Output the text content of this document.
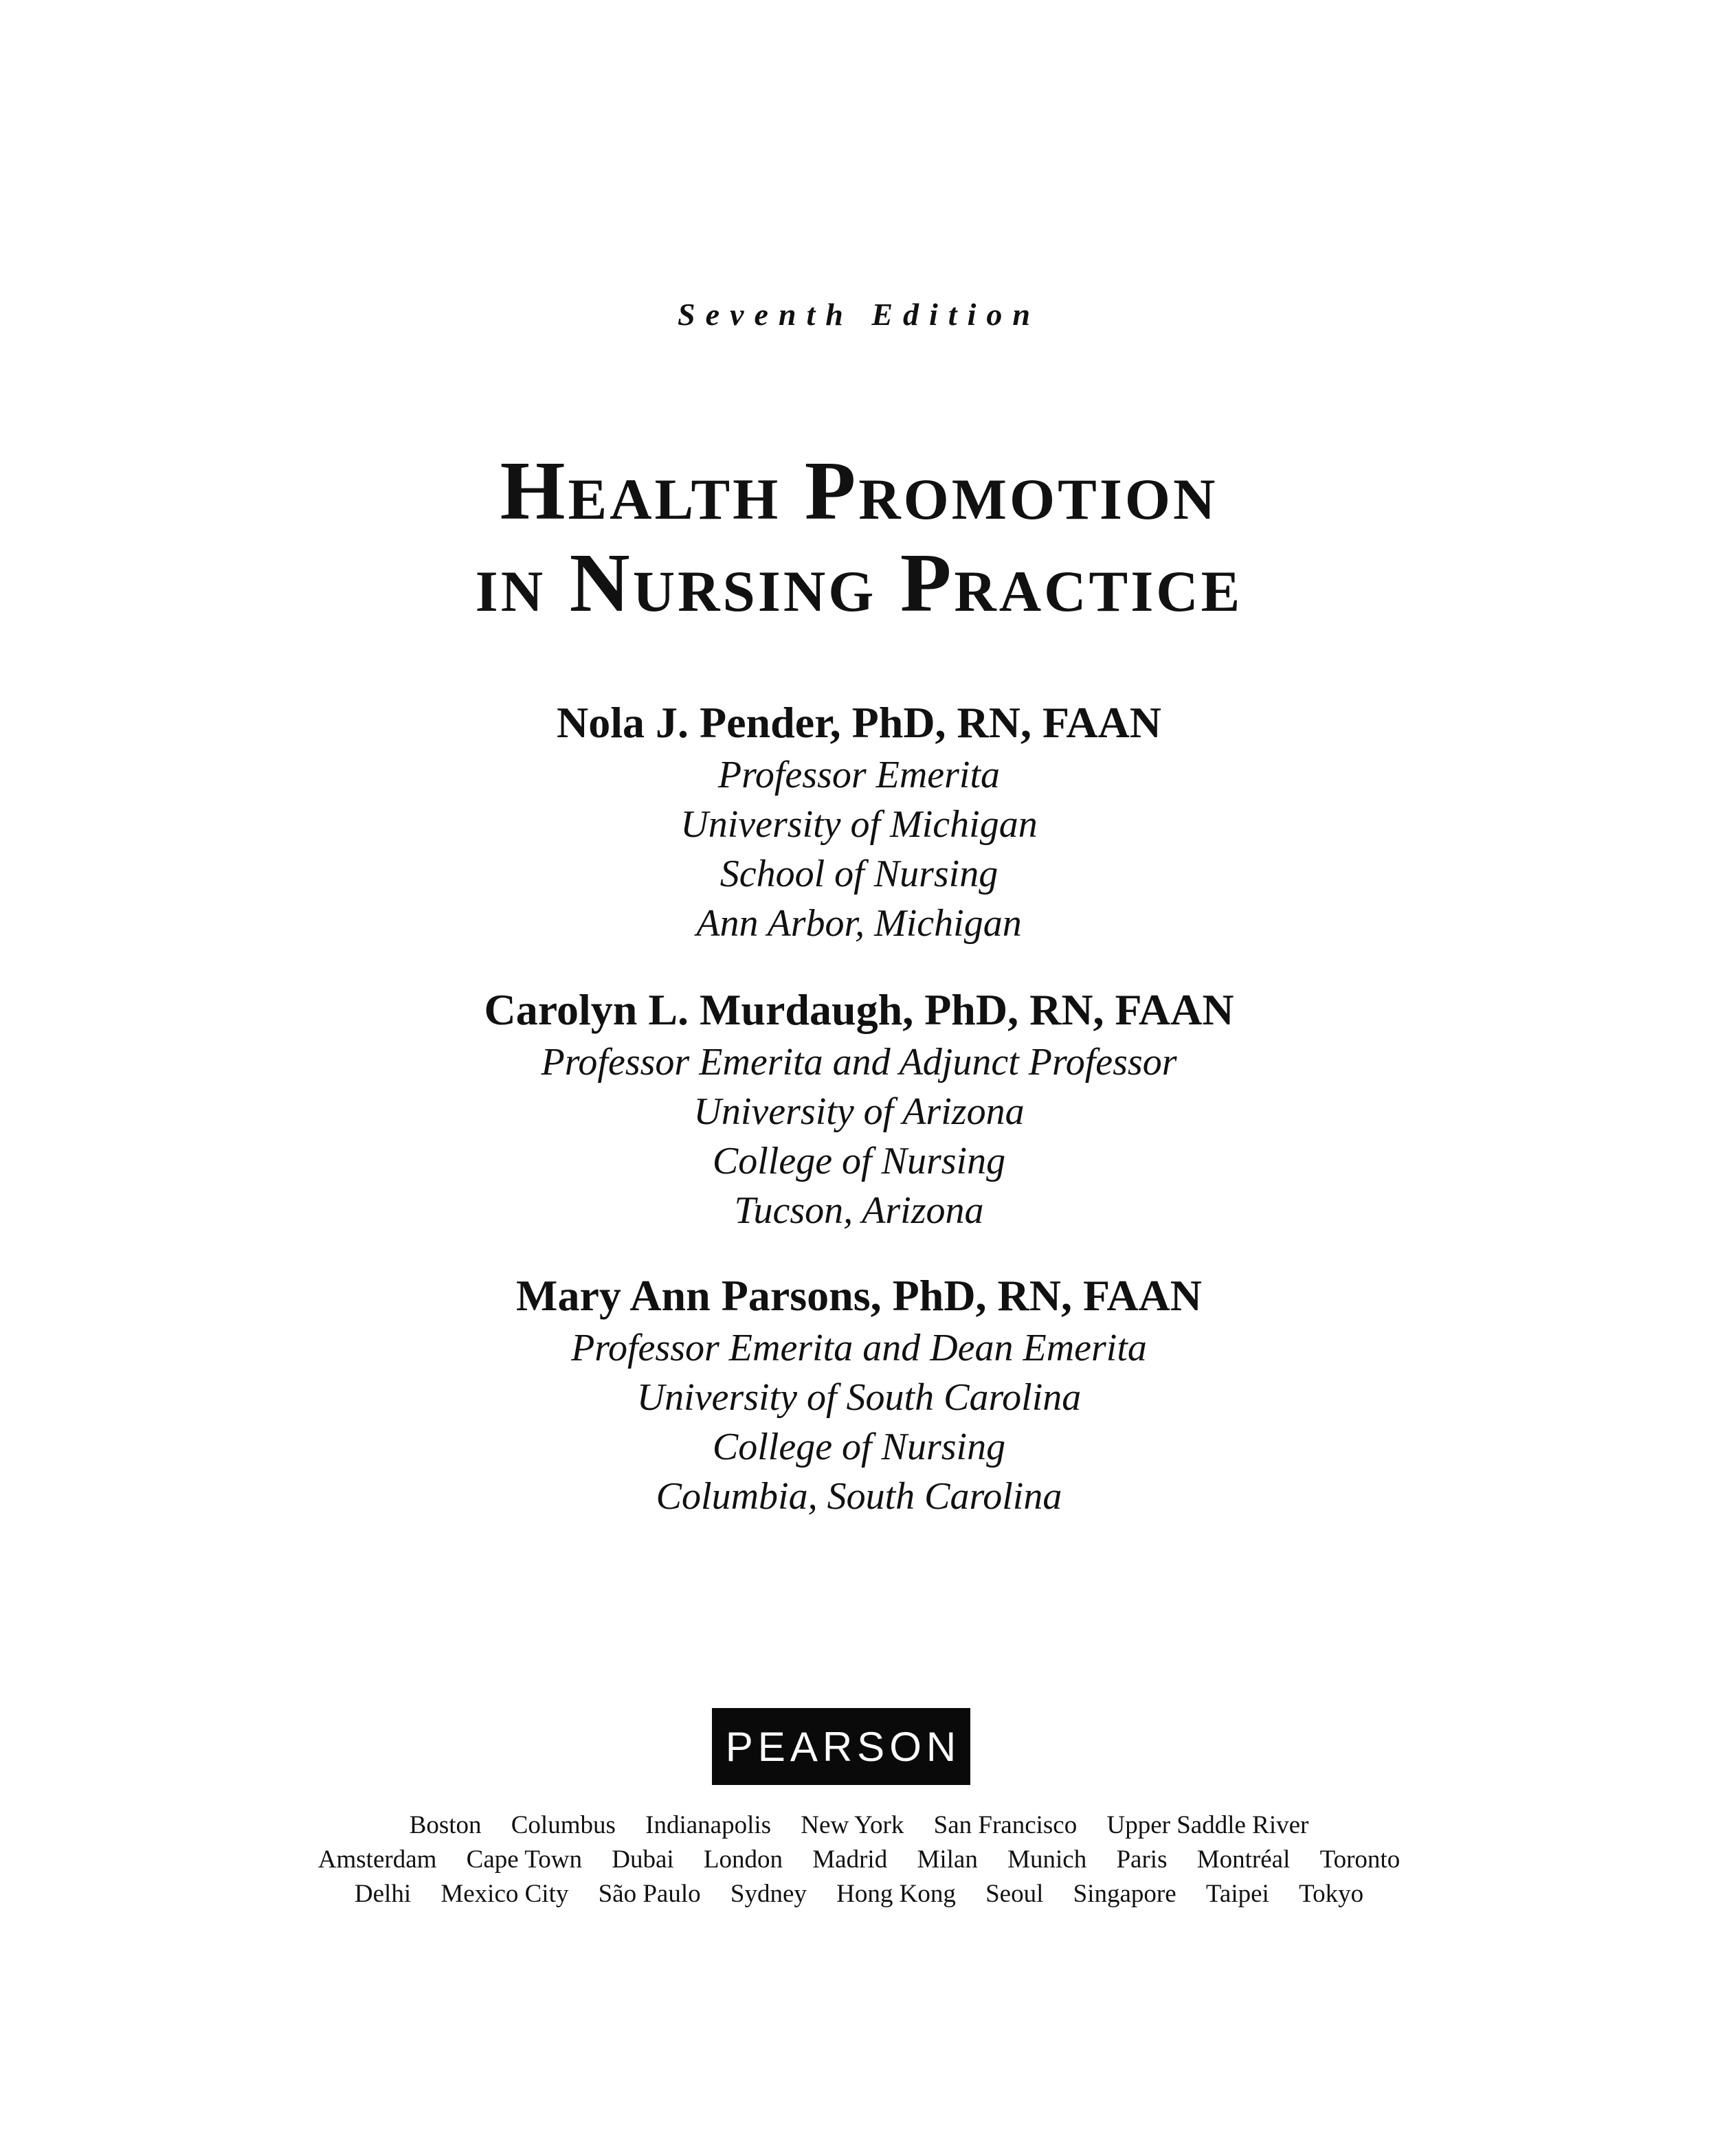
Seventh Edition
Health Promotion
in Nursing Practice
Nola J. Pender, PhD, RN, FAAN
Professor Emerita
University of Michigan
School of Nursing
Ann Arbor, Michigan
Carolyn L. Murdaugh, PhD, RN, FAAN
Professor Emerita and Adjunct Professor
University of Arizona
College of Nursing
Tucson, Arizona
Mary Ann Parsons, PhD, RN, FAAN
Professor Emerita and Dean Emerita
University of South Carolina
College of Nursing
Columbia, South Carolina
PEARSON
Boston Columbus Indianapolis New York San Francisco Upper Saddle River
Amsterdam Cape Town Dubai London Madrid Milan Munich Paris Montréal Toronto
Delhi Mexico City São Paulo Sydney Hong Kong Seoul Singapore Taipei Tokyo
